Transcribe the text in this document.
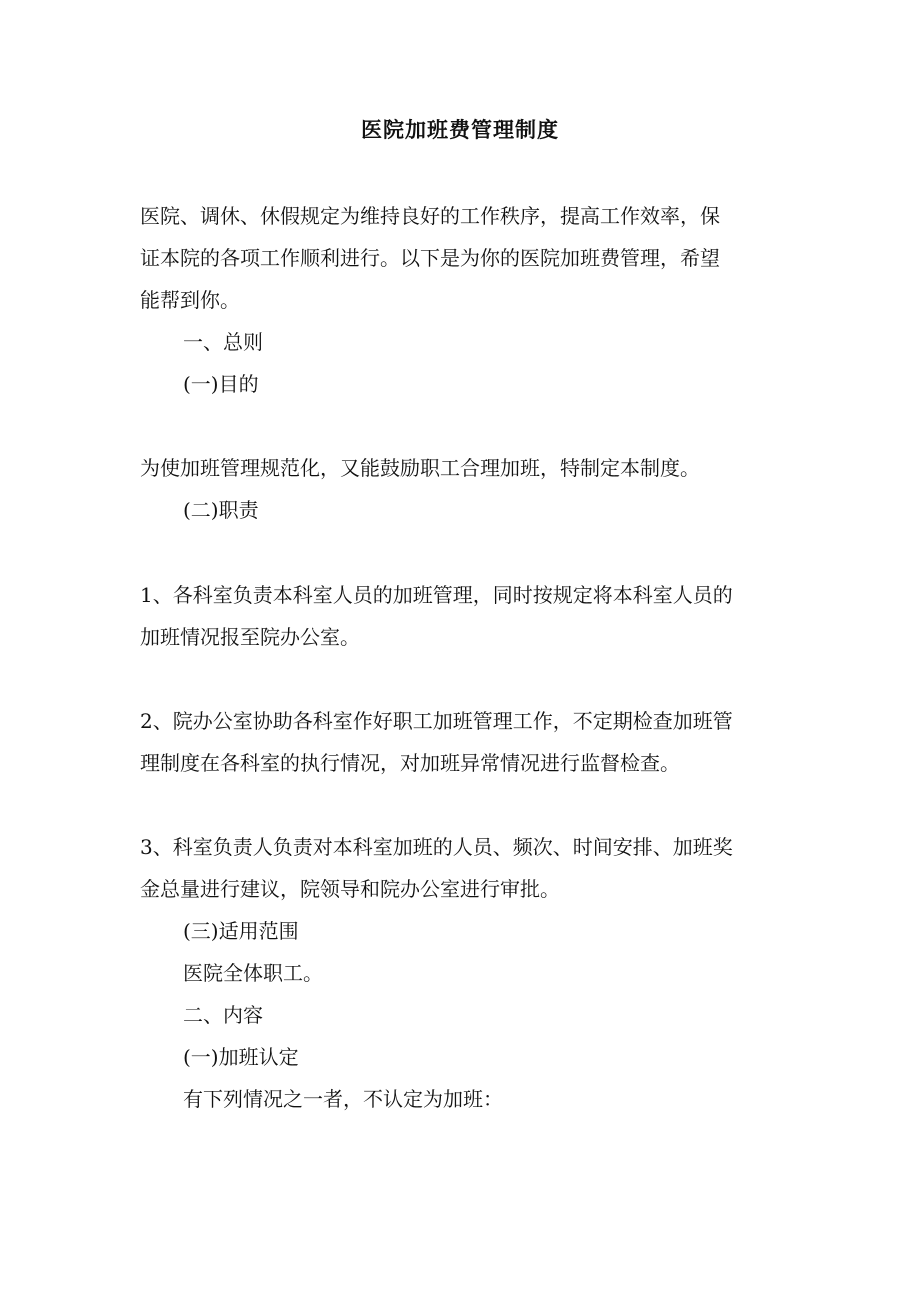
医院加班费管理制度
医院、调休、休假规定为维持良好的工作秩序，提高工作效率，保
证本院的各项工作顺利进行。以下是为你的医院加班费管理，希望
能帮到你。
一、总则
(一)目的
为使加班管理规范化，又能鼓励职工合理加班，特制定本制度。
(二)职责
1、各科室负责本科室人员的加班管理，同时按规定将本科室人员的
加班情况报至院办公室。
2、院办公室协助各科室作好职工加班管理工作，不定期检查加班管
理制度在各科室的执行情况，对加班异常情况进行监督检查。
3、科室负责人负责对本科室加班的人员、频次、时间安排、加班奖
金总量进行建议，院领导和院办公室进行审批。
(三)适用范围
医院全体职工。
二、内容
(一)加班认定
有下列情况之一者，不认定为加班：
